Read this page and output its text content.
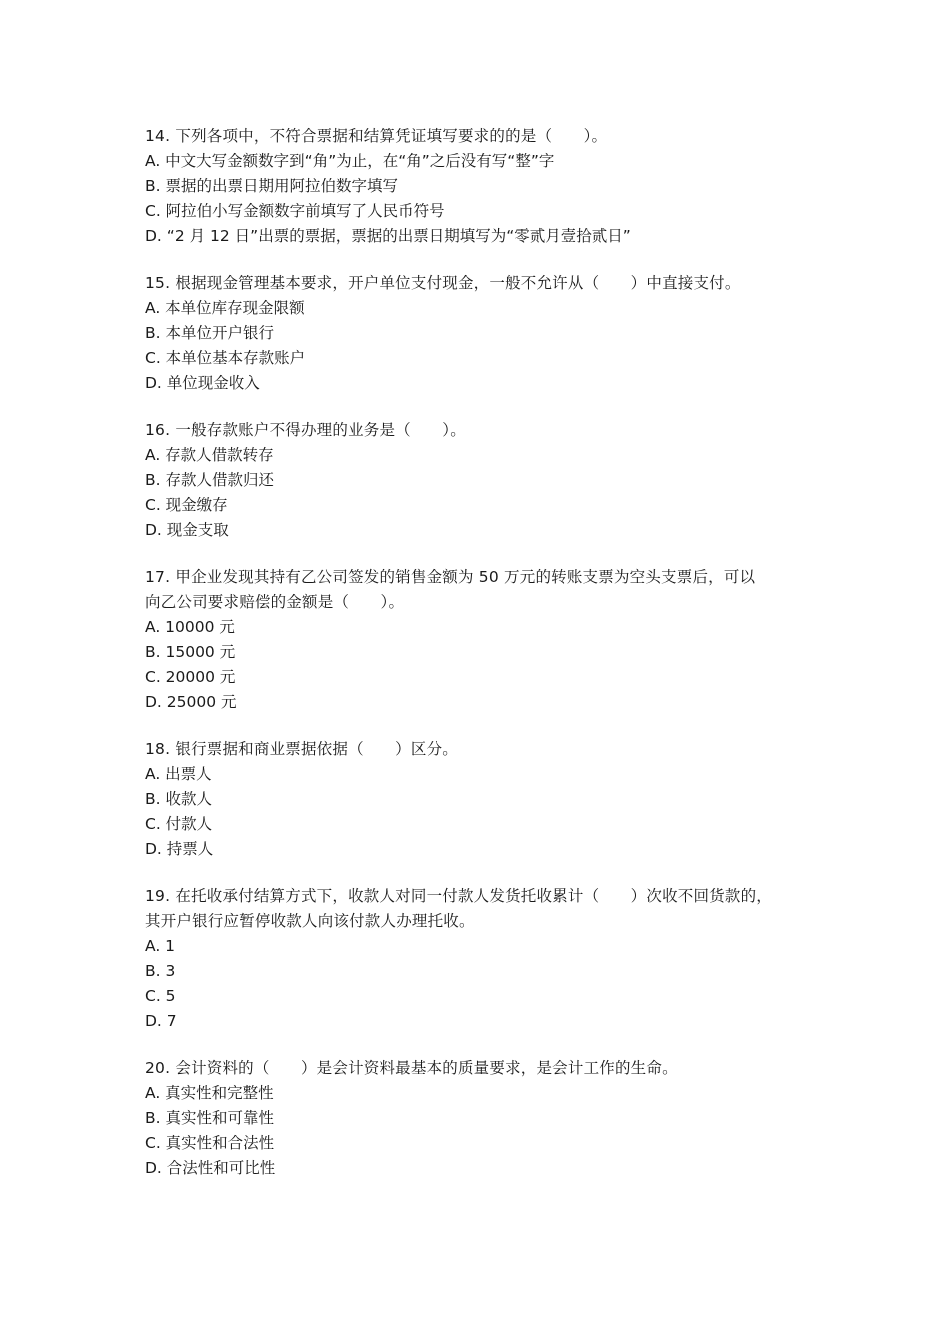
14. 下列各项中，不符合票据和结算凭证填写要求的的是（　　）。
A. 中文大写金额数字到“角”为止，在“角”之后没有写“整”字
B. 票据的出票日期用阿拉伯数字填写
C. 阿拉伯小写金额数字前填写了人民币符号
D. “2 月 12 日”出票的票据，票据的出票日期填写为“零贰月壹拾贰日”
15. 根据现金管理基本要求，开户单位支付现金，一般不允许从（　　）中直接支付。
A. 本单位库存现金限额
B. 本单位开户银行
C. 本单位基本存款账户
D. 单位现金收入
16. 一般存款账户不得办理的业务是（　　）。
A. 存款人借款转存
B. 存款人借款归还
C. 现金缴存
D. 现金支取
17. 甲企业发现其持有乙公司签发的销售金额为 50 万元的转账支票为空头支票后，可以
向乙公司要求赔偿的金额是（　　）。
A. 10000 元
B. 15000 元
C. 20000 元
D. 25000 元
18. 银行票据和商业票据依据（　　）区分。
A. 出票人
B. 收款人
C. 付款人
D. 持票人
19. 在托收承付结算方式下，收款人对同一付款人发货托收累计（　　）次收不回货款的，
其开户银行应暂停收款人向该付款人办理托收。
A. 1
B. 3
C. 5
D. 7
20. 会计资料的（　　）是会计资料最基本的质量要求，是会计工作的生命。
A. 真实性和完整性
B. 真实性和可靠性
C. 真实性和合法性
D. 合法性和可比性
